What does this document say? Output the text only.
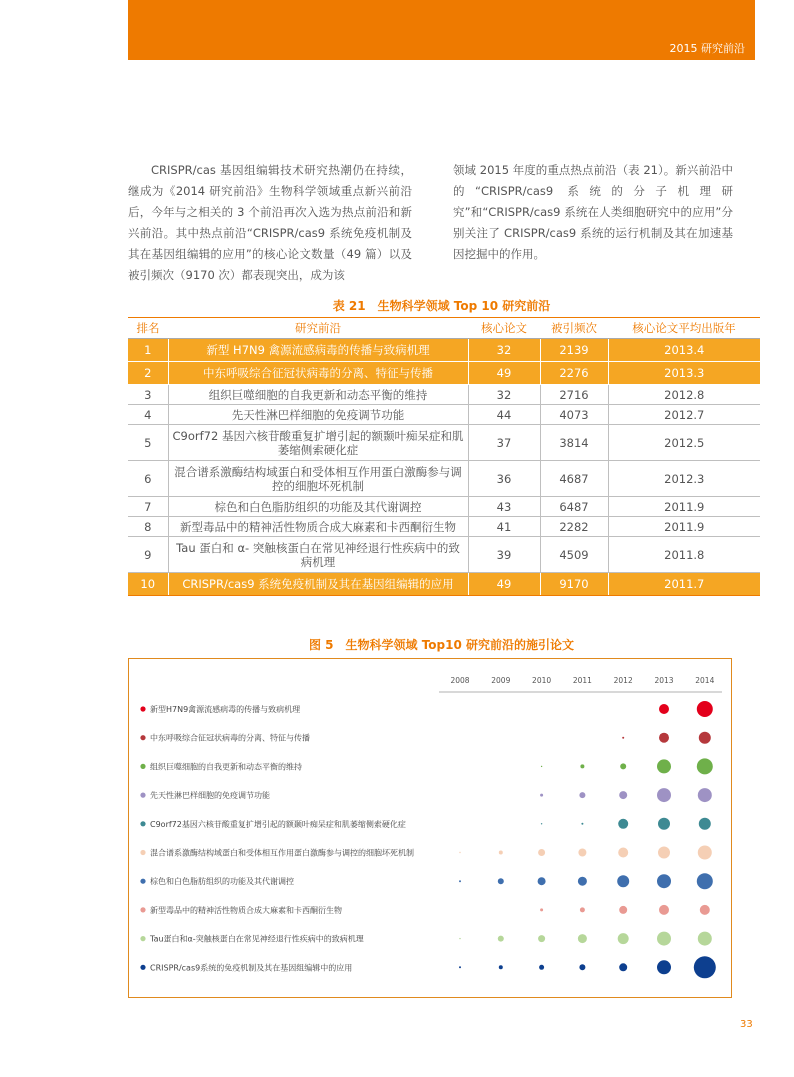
2015 研究前沿

CRISPR/cas 基因组编辑技术研究热潮仍在持续，继成为《2014 研究前沿》生物科学领域重点新兴前沿后，今年与之相关的 3 个前沿再次入选为热点前沿和新兴前沿。其中热点前沿“CRISPR/cas9 系统免疫机制及其在基因组编辑的应用”的核心论文数量（49 篇）以及被引频次（9170 次）都表现突出，成为该

领域 2015 年度的重点热点前沿（表 21）。新兴前沿中的“CRISPR/cas9 系统的分子机理研究”和“CRISPR/cas9 系统在人类细胞研究中的应用”分别关注了 CRISPR/cas9 系统的运行机制及其在加速基因挖掘中的作用。

表 21　生物科学领域 Top 10 研究前沿
排名	研究前沿	核心论文	被引频次	核心论文平均出版年
1	新型 H7N9 禽源流感病毒的传播与致病机理	32	2139	2013.4
2	中东呼吸综合征冠状病毒的分离、特征与传播	49	2276	2013.3
3	组织巨噬细胞的自我更新和动态平衡的维持	32	2716	2012.8
4	先天性淋巴样细胞的免疫调节功能	44	4073	2012.7
5	C9orf72 基因六核苷酸重复扩增引起的额颞叶痴呆症和肌萎缩侧索硬化症	37	3814	2012.5
6	混合谱系激酶结构域蛋白和受体相互作用蛋白激酶参与调控的细胞坏死机制	36	4687	2012.3
7	棕色和白色脂肪组织的功能及其代谢调控	43	6487	2011.9
8	新型毒品中的精神活性物质合成大麻素和卡西酮衍生物	41	2282	2011.9
9	Tau 蛋白和 α- 突触核蛋白在常见神经退行性疾病中的致病机理	39	4509	2011.8
10	CRISPR/cas9 系统免疫机制及其在基因组编辑的应用	49	9170	2011.7
图 5　生物科学领域 Top10 研究前沿的施引论文
2008	2009	2010	2011	2012	2013	2014
新型H7N9禽源流感病毒的传播与致病机理
中东呼吸综合征冠状病毒的分离、特征与传播
组织巨噬细胞的自我更新和动态平衡的维持
先天性淋巴样细胞的免疫调节功能
C9orf72基因六核苷酸重复扩增引起的额颞叶痴呆症和肌萎缩侧索硬化症
混合谱系激酶结构域蛋白和受体相互作用蛋白激酶参与调控的细胞坏死机制
棕色和白色脂肪组织的功能及其代谢调控
新型毒品中的精神活性物质合成大麻素和卡西酮衍生物
Tau蛋白和α-突触核蛋白在常见神经退行性疾病中的致病机理
CRISPR/cas9系统的免疫机制及其在基因组编辑中的应用
33
